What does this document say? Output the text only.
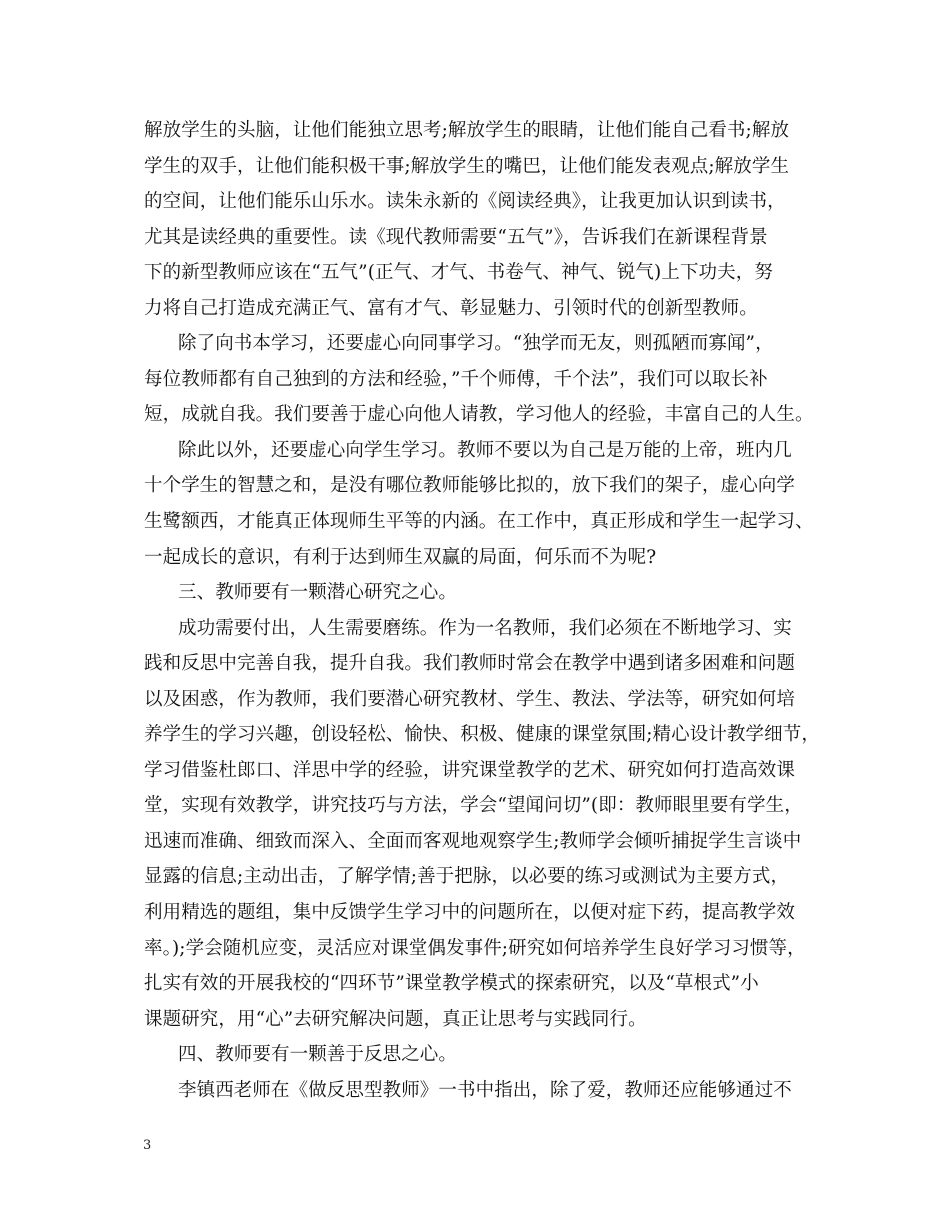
解放学生的头脑，让他们能独立思考;解放学生的眼睛，让他们能自己看书;解放
学生的双手，让他们能积极干事;解放学生的嘴巴，让他们能发表观点;解放学生
的空间，让他们能乐山乐水。读朱永新的《阅读经典》，让我更加认识到读书，
尤其是读经典的重要性。读《现代教师需要“五气”》，告诉我们在新课程背景
下的新型教师应该在“五气”(正气、才气、书卷气、神气、锐气)上下功夫，努
力将自己打造成充满正气、富有才气、彰显魅力、引领时代的创新型教师。
除了向书本学习，还要虚心向同事学习。“独学而无友，则孤陋而寡闻”，
每位教师都有自己独到的方法和经验，”千个师傅，千个法”，我们可以取长补
短，成就自我。我们要善于虚心向他人请教，学习他人的经验，丰富自己的人生。
除此以外，还要虚心向学生学习。教师不要以为自己是万能的上帝，班内几
十个学生的智慧之和，是没有哪位教师能够比拟的，放下我们的架子，虚心向学
生鹭额西，才能真正体现师生平等的内涵。在工作中，真正形成和学生一起学习、
一起成长的意识，有利于达到师生双赢的局面，何乐而不为呢?
三、教师要有一颗潜心研究之心。
成功需要付出，人生需要磨练。作为一名教师，我们必须在不断地学习、实
践和反思中完善自我，提升自我。我们教师时常会在教学中遇到诸多困难和问题
以及困惑，作为教师，我们要潜心研究教材、学生、教法、学法等，研究如何培
养学生的学习兴趣，创设轻松、愉快、积极、健康的课堂氛围;精心设计教学细节，
学习借鉴杜郎口、洋思中学的经验，讲究课堂教学的艺术、研究如何打造高效课
堂，实现有效教学，讲究技巧与方法，学会“望闻问切”(即：教师眼里要有学生，
迅速而准确、细致而深入、全面而客观地观察学生;教师学会倾听捕捉学生言谈中
显露的信息;主动出击，了解学情;善于把脉，以必要的练习或测试为主要方式，
利用精选的题组，集中反馈学生学习中的问题所在，以便对症下药，提高教学效
率。);学会随机应变，灵活应对课堂偶发事件;研究如何培养学生良好学习习惯等，
扎实有效的开展我校的“四环节”课堂教学模式的探索研究，以及“草根式”小
课题研究，用“心”去研究解决问题，真正让思考与实践同行。
四、教师要有一颗善于反思之心。
李镇西老师在《做反思型教师》一书中指出，除了爱，教师还应能够通过不
3
